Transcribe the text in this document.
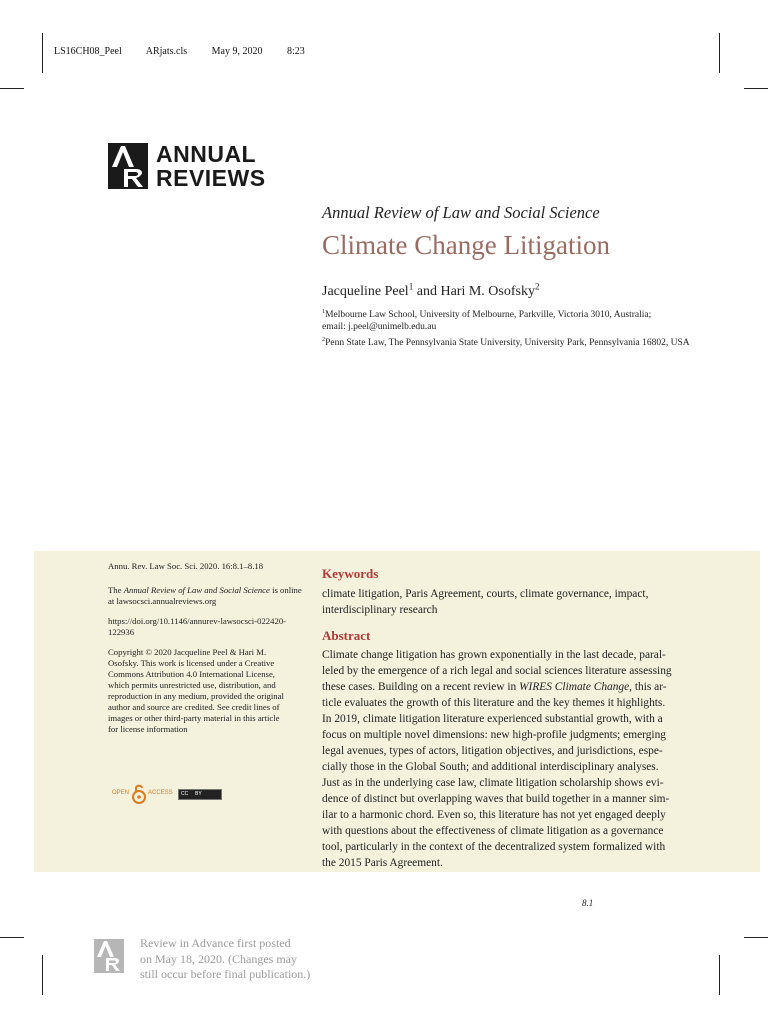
LS16CH08_Peel ARjats.cls May 9, 2020 8:23
ANNUAL
REVIEWS
Annual Review of Law and Social Science
Climate Change Litigation
Jacqueline Peel$^1$ and Hari M. Osofsky$^2$
$^1$Melbourne Law School, University of Melbourne, Parkville, Victoria 3010, Australia;
email: j.peel@unimelb.edu.au
$^2$Penn State Law, The Pennsylvania State University, University Park, Pennsylvania 16802, USA
Annu. Rev. Law Soc. Sci. 2020. 16:8.1–8.18
The Annual Review of Law and Social Science is online
at lawsocsci.annualreviews.org
https://doi.org/10.1146/annurev-lawsocsci-022420-
122936
Copyright © 2020 Jacqueline Peel & Hari M.
Osofsky. This work is licensed under a Creative
Commons Attribution 4.0 International License,
which permits unrestricted use, distribution, and
reproduction in any medium, provided the original
author and source are credited. See credit lines of
images or other third-party material in this article
for license information
OPEN	ACCESS CC BY
Keywords
climate litigation, Paris Agreement, courts, climate governance, impact,
interdisciplinary research
Abstract
Climate change litigation has grown exponentially in the last decade, paral-
leled by the emergence of a rich legal and social sciences literature assessing
these cases. Building on a recent review in WIRES Climate Change, this ar-
ticle evaluates the growth of this literature and the key themes it highlights.
In 2019, climate litigation literature experienced substantial growth, with a
focus on multiple novel dimensions: new high-profile judgments; emerging
legal avenues, types of actors, litigation objectives, and jurisdictions, espe-
cially those in the Global South; and additional interdisciplinary analyses.
Just as in the underlying case law, climate litigation scholarship shows evi-
dence of distinct but overlapping waves that build together in a manner sim-
ilar to a harmonic chord. Even so, this literature has not yet engaged deeply
with questions about the effectiveness of climate litigation as a governance
tool, particularly in the context of the decentralized system formalized with
the 2015 Paris Agreement.
8.1
Review in Advance first posted
on May 18, 2020. (Changes may
still occur before final publication.)
